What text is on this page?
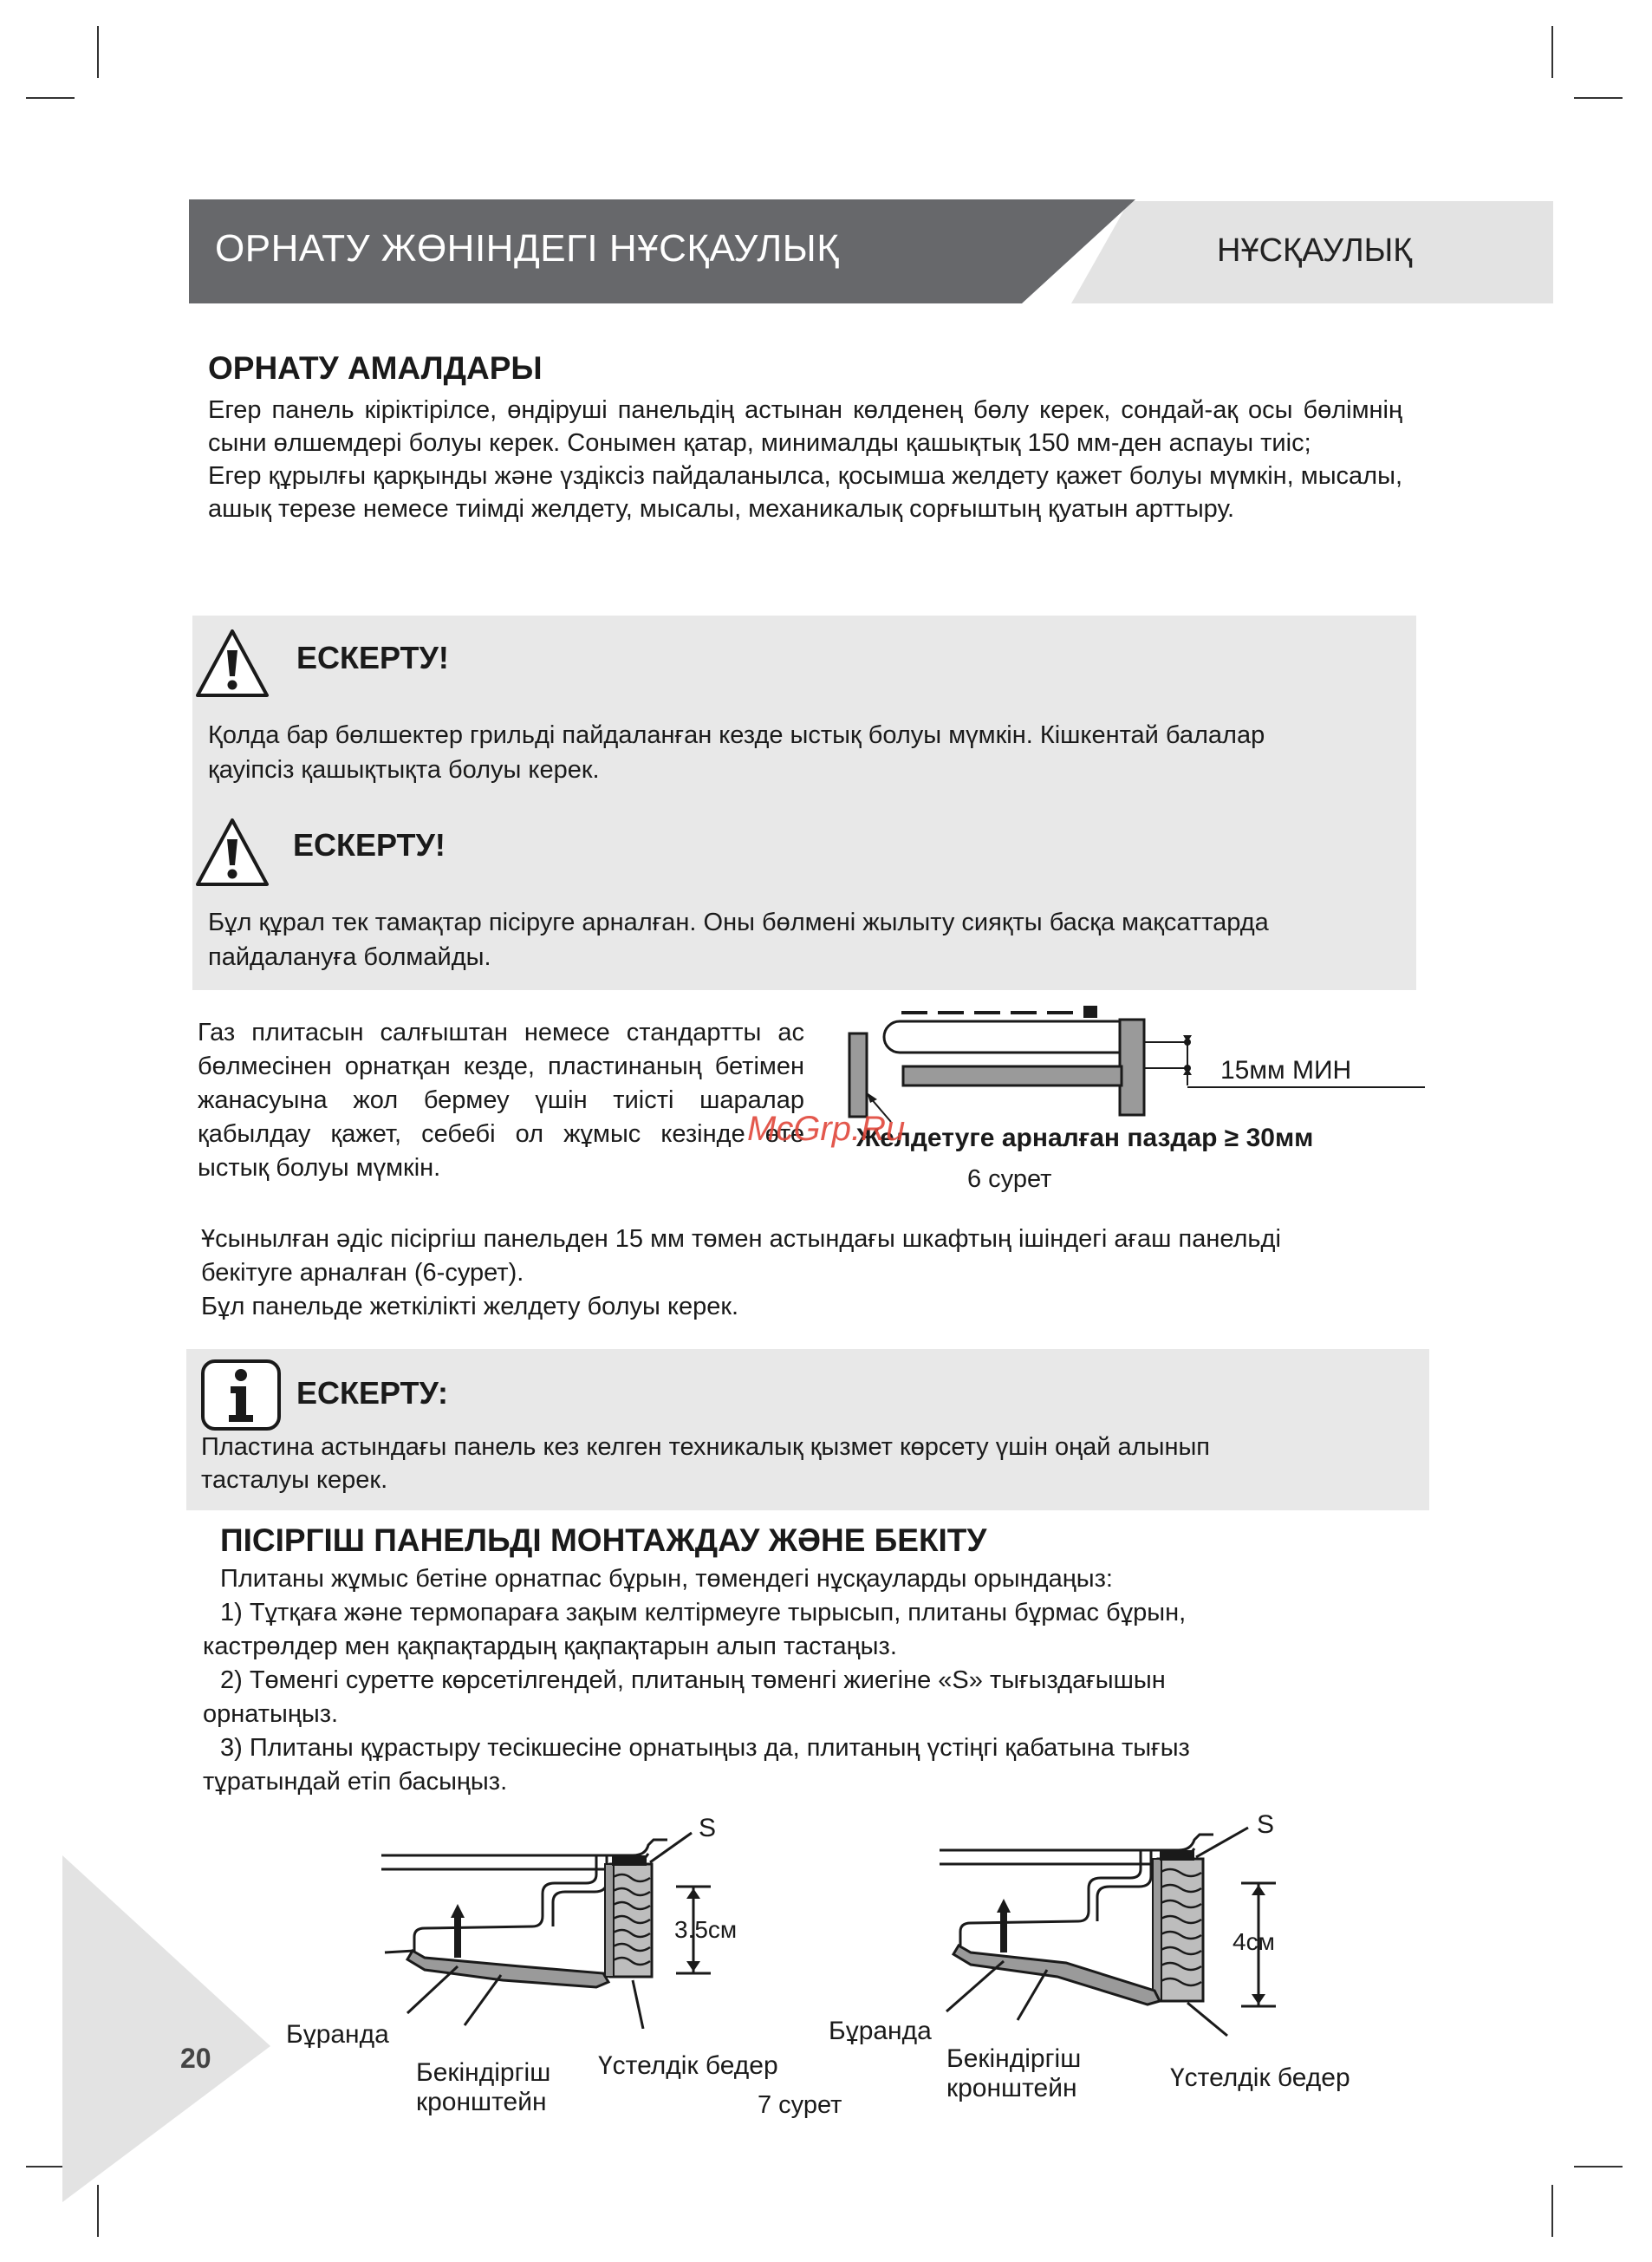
ОРНАТУ ЖӨНІНДЕГІ НҰСҚАУЛЫҚ	НҰСҚАУЛЫҚ
ОРНАТУ АМАЛДАРЫ

Егер панель кіріктірілсе, өндіруші панельдің астынан көлденең бөлу керек, сондай-ақ осы бөлімнің сыни өлшемдері болуы керек. Сонымен қатар, минималды қашықтық 150 мм-ден аспауы тиіс;

Егер құрылғы қарқынды және үздіксіз пайдаланылса, қосымша желдету қажет болуы мүмкін, мысалы, ашық терезе немесе тиімді желдету, мысалы, механикалық сорғыштың қуатын арттыру.

ЕСКЕРТУ!
Қолда бар бөлшектер грильді пайдаланған кезде ыстық болуы мүмкін. Кішкентай балалар
қауіпсіз қашықтықта болуы керек.
ЕСКЕРТУ!
Бұл құрал тек тамақтар пісіруге арналған. Оны бөлмені жылыту сияқты басқа мақсаттарда
пайдалануға болмайды.
Газ плитасын салғыштан немесе стандартты ас бөлмесінен орнатқан кезде, пластинаның бетімен жанасуына жол бермеу үшін тиісті шаралар қабылдау қажет, себебі ол жұмыс кезінде өте ыстық болуы мүмкін.
15мм МИН
Желдетуге арналған паздар ≥ 30мм
6 сурет
McGrp.Ru
Ұсынылған әдіс пісіргіш панельден 15 мм төмен астындағы шкафтың ішіндегі ағаш панельді
бекітуге арналған (6-сурет).
Бұл панельде жеткілікті желдету болуы керек.
ЕСКЕРТУ:
Пластина астындағы панель кез келген техникалық қызмет көрсету үшін оңай алынып
тасталуы керек.
ПІСІРГІШ ПАНЕЛЬДІ МОНТАЖДАУ ЖӘНЕ БЕКІТУ
Плитаны жұмыс бетіне орнатпас бұрын, төмендегі нұсқауларды орындаңыз:
1) Тұтқаға және термопараға зақым келтірмеуге тырысып, плитаны бұрмас бұрын,
кастрөлдер мен қақпақтардың қақпақтарын алып тастаңыз.
2) Төменгі суретте көрсетілгендей, плитаның төменгі жиегіне «S» тығыздағышын
орнатыңыз.
3) Плитаны құрастыру тесікшесіне орнатыңыз да, плитаның үстіңгі қабатына тығыз
тұратындай етіп басыңыз.
S
3.5см
Бұранда
Бекіндіргіш
кронштейн
Үстелдік бедер
S
4см
Бұранда
Бекіндіргіш
кронштейн	Үстелдік бедер
7 сурет
20
